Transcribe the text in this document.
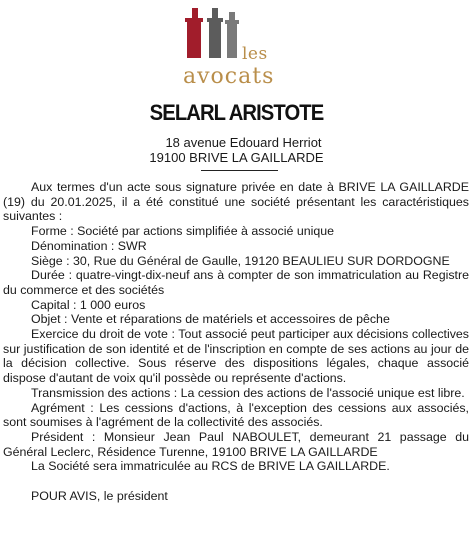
les
avocats
SELARL ARISTOTE
18 avenue Edouard Herriot
19100 BRIVE LA GAILLARDE

Aux termes d'un acte sous signature privée en date à BRIVE LA GAILLARDE (19) du 20.01.2025, il a été constitué une société présentant les caractéristiques suivantes :

Forme : Société par actions simplifiée à associé unique

Dénomination : SWR

Siège : 30, Rue du Général de Gaulle, 19120 BEAULIEU SUR DORDOGNE

Durée : quatre-vingt-dix-neuf ans à compter de son immatriculation au Registre du commerce et des sociétés

Capital : 1 000 euros

Objet : Vente et réparations de matériels et accessoires de pêche

Exercice du droit de vote : Tout associé peut participer aux décisions collectives sur justification de son identité et de l'inscription en compte de ses actions au jour de la décision collective. Sous réserve des dispositions légales, chaque associé dispose d'autant de voix qu'il possède ou représente d'actions.

Transmission des actions : La cession des actions de l'associé unique est libre.

Agrément : Les cessions d'actions, à l'exception des cessions aux associés, sont soumises à l'agrément de la collectivité des associés.

Président : Monsieur Jean Paul NABOULET, demeurant 21 passage du Général Leclerc, Résidence Turenne, 19100 BRIVE LA GAILLARDE

La Société sera immatriculée au RCS de BRIVE LA GAILLARDE.

POUR AVIS, le président
